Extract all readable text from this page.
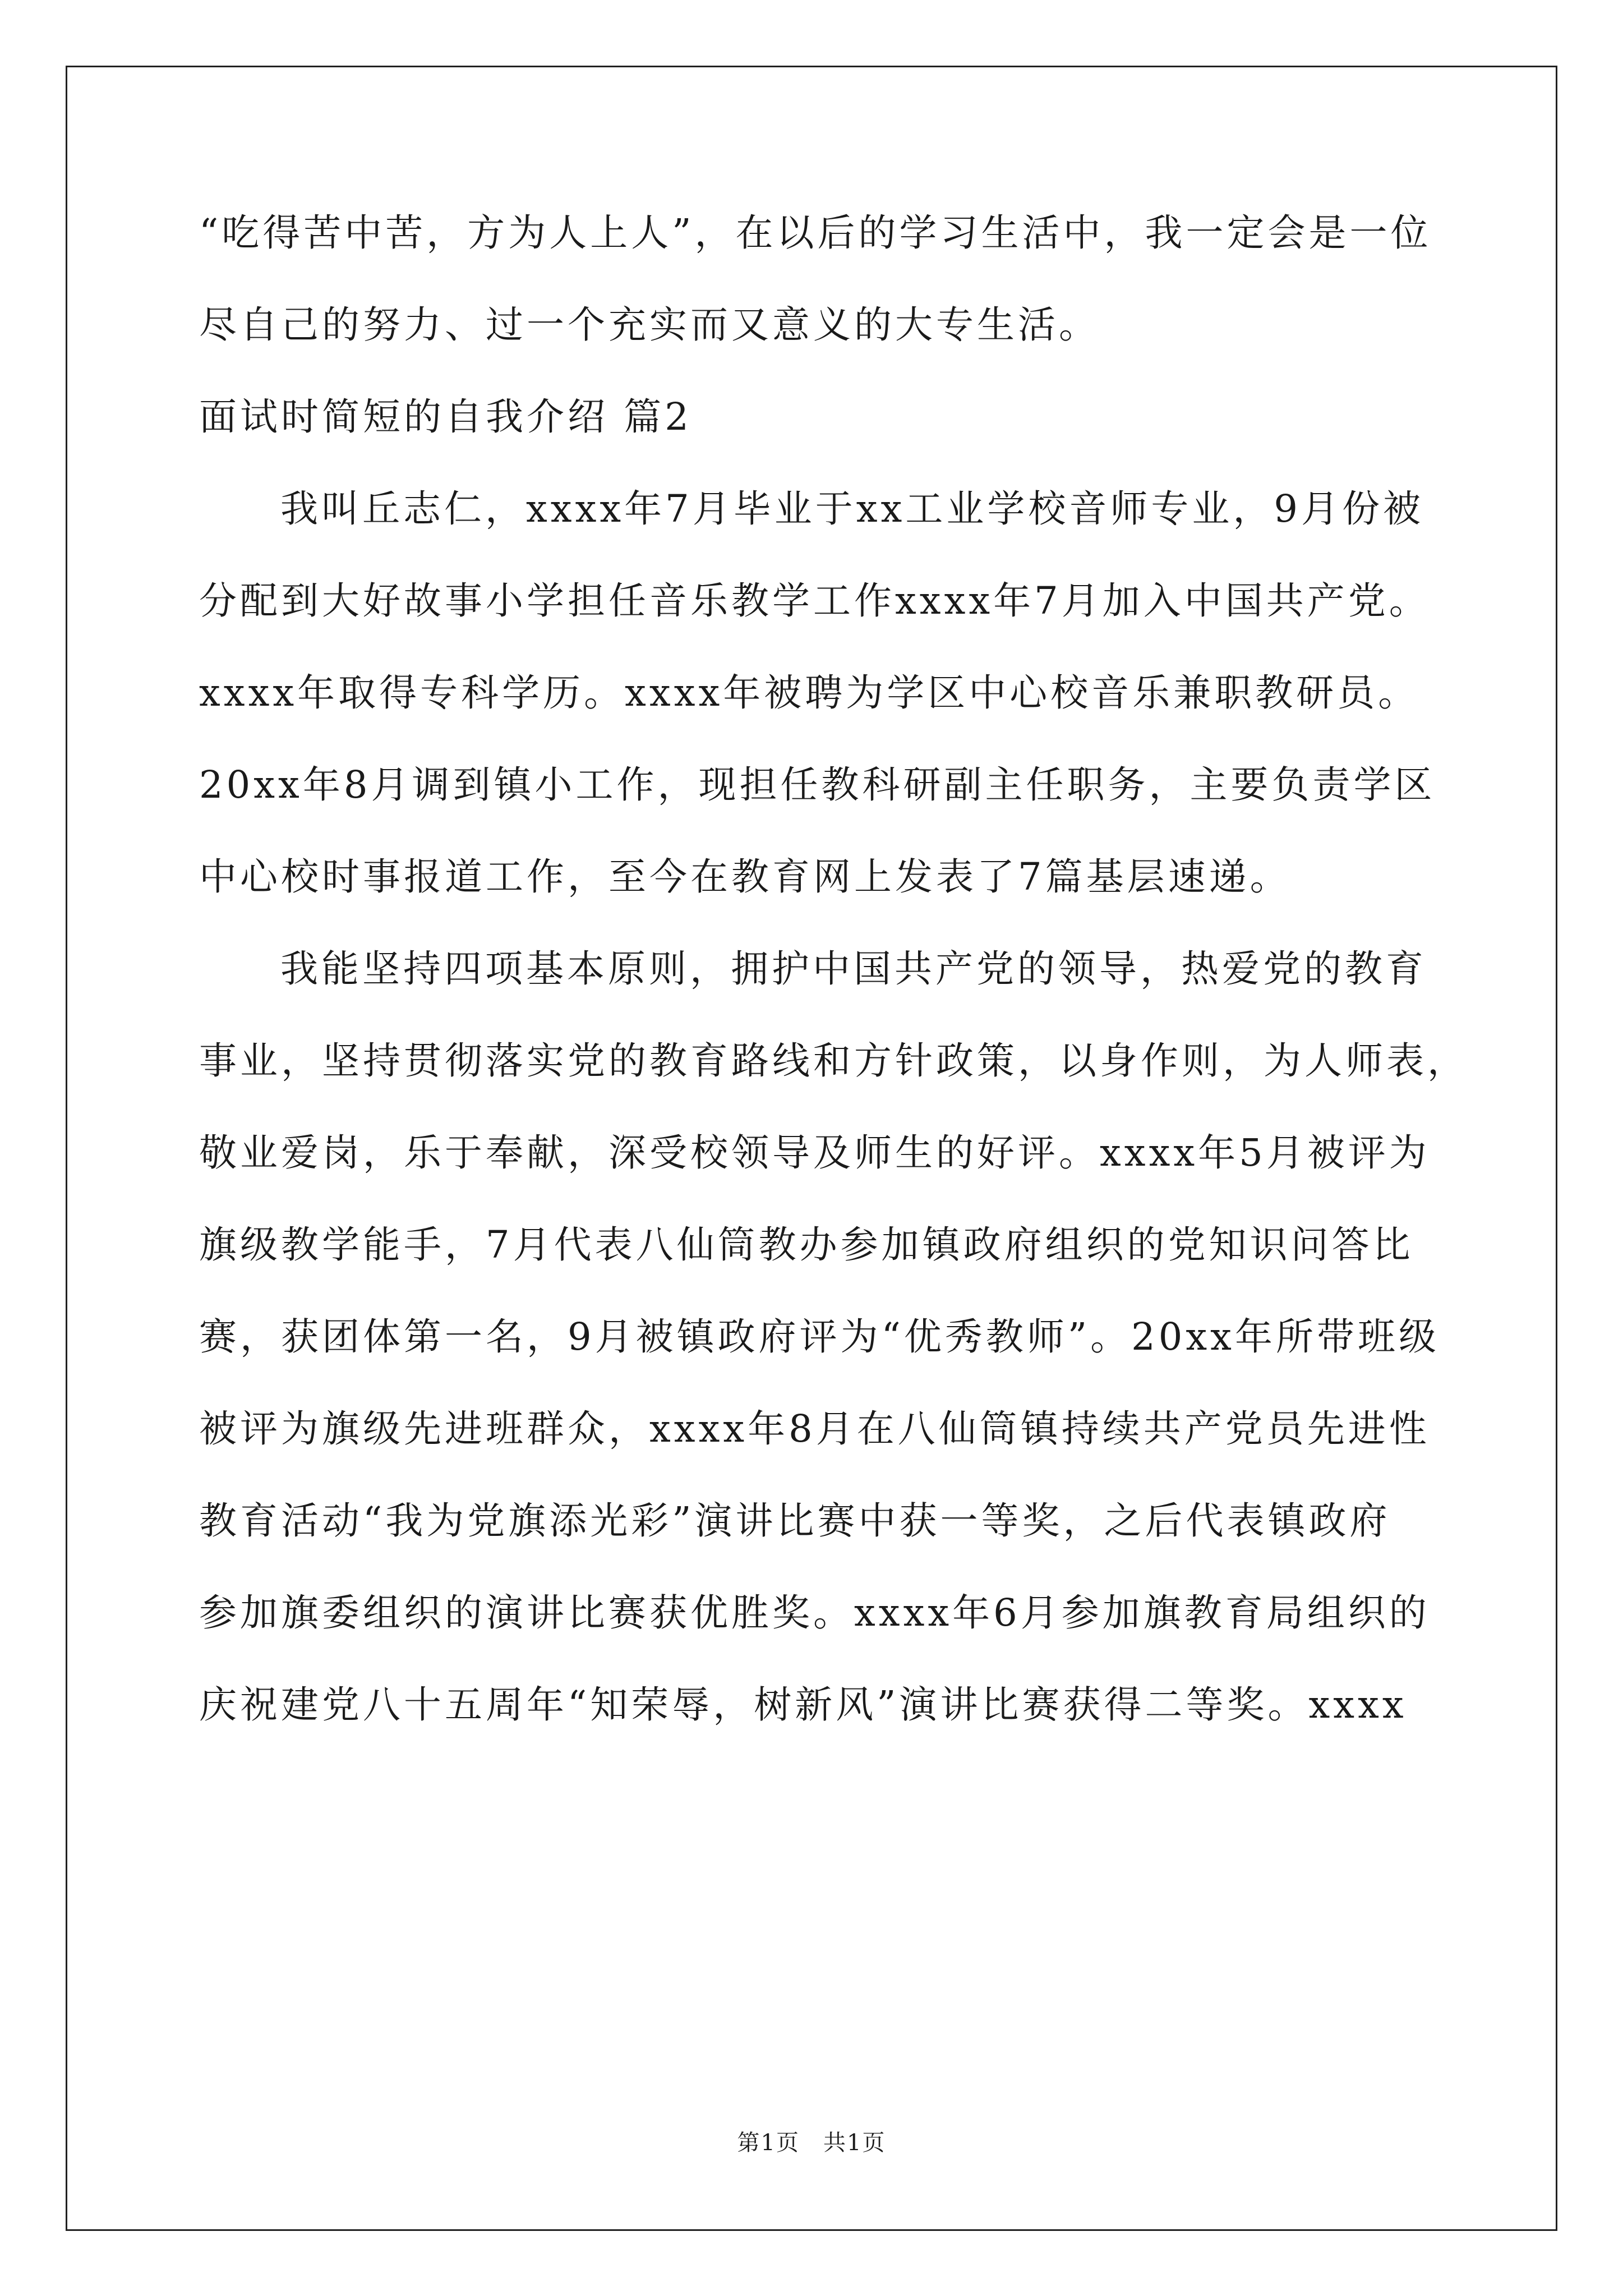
“吃得苦中苦，方为人上人”，在以后的学习生活中，我一定会是一位
尽自己的努力、过一个充实而又意义的大专生活。
面试时简短的自我介绍 篇2
我叫丘志仁，xxxx年7月毕业于xx工业学校音师专业，9月份被
分配到大好故事小学担任音乐教学工作xxxx年7月加入中国共产党。
xxxx年取得专科学历。xxxx年被聘为学区中心校音乐兼职教研员。
20xx年8月调到镇小工作，现担任教科研副主任职务，主要负责学区
中心校时事报道工作，至今在教育网上发表了7篇基层速递。
我能坚持四项基本原则，拥护中国共产党的领导，热爱党的教育
事业，坚持贯彻落实党的教育路线和方针政策，以身作则，为人师表，
敬业爱岗，乐于奉献，深受校领导及师生的好评。xxxx年5月被评为
旗级教学能手，7月代表八仙筒教办参加镇政府组织的党知识问答比
赛，获团体第一名，9月被镇政府评为“优秀教师”。20xx年所带班级
被评为旗级先进班群众，xxxx年8月在八仙筒镇持续共产党员先进性
教育活动“我为党旗添光彩”演讲比赛中获一等奖，之后代表镇政府
参加旗委组织的演讲比赛获优胜奖。xxxx年6月参加旗教育局组织的
庆祝建党八十五周年“知荣辱，树新风”演讲比赛获得二等奖。xxxx
第1页　共1页
